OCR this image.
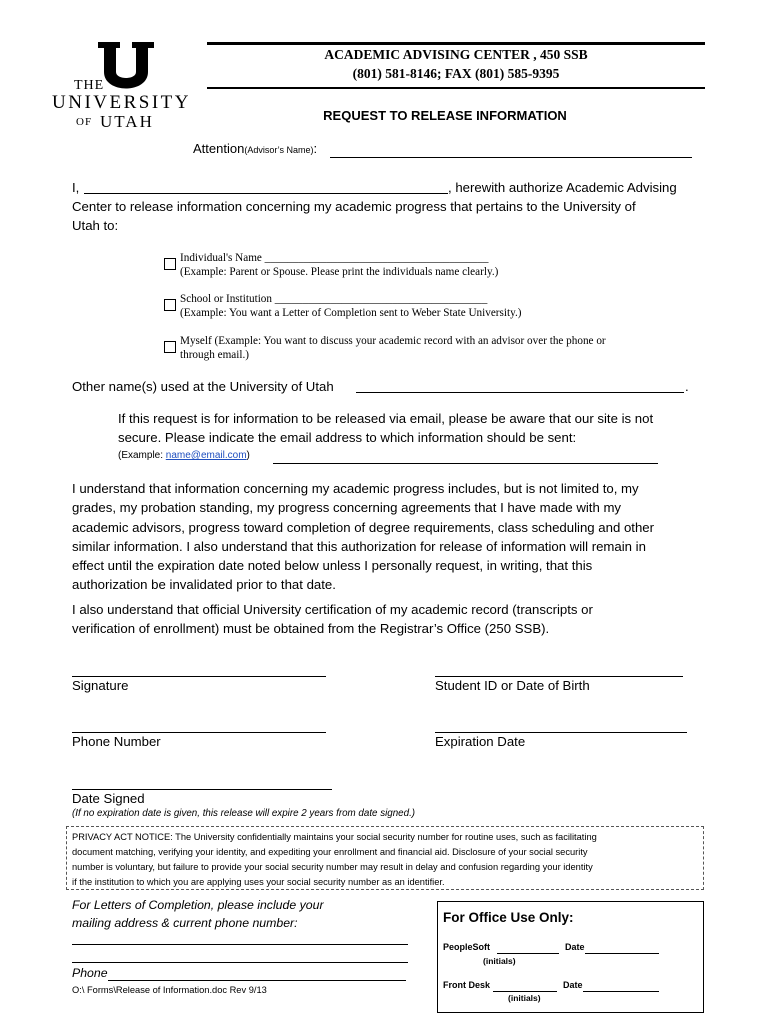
THE
UNIVERSITY
OF UTAH
ACADEMIC ADVISING CENTER , 450 SSB
(801) 581-8146; FAX (801) 585-9395
REQUEST TO RELEASE INFORMATION
Attention(Advisor’s Name):
I,	, herewith authorize Academic Advising
Center to release information concerning my academic progress that pertains to the University of
Utah to:
Individual's Name ________________________________________
(Example: Parent or Spouse. Please print the individuals name clearly.)
School or Institution ______________________________________
(Example: You want a Letter of Completion sent to Weber State University.)
Myself (Example: You want to discuss your academic record with an advisor over the phone or
through email.)
Other name(s) used at the University of Utah	.
If this request is for information to be released via email, please be aware that our site is not
secure. Please indicate the email address to which information should be sent:
(Example: name@email.com)
I understand that information concerning my academic progress includes, but is not limited to, my
grades, my probation standing, my progress concerning agreements that I have made with my
academic advisors, progress toward completion of degree requirements, class scheduling and other
similar information. I also understand that this authorization for release of information will remain in
effect until the expiration date noted below unless I personally request, in writing, that this
authorization be invalidated prior to that date.
I also understand that official University certification of my academic record (transcripts or
verification of enrollment) must be obtained from the Registrar’s Office (250 SSB).
Signature	Student ID or Date of Birth
Phone Number	Expiration Date
Date Signed
(If no expiration date is given, this release will expire 2 years from date signed.)
PRIVACY ACT NOTICE: The University confidentially maintains your social security number for routine uses, such as facilitating
document matching, verifying your identity, and expediting your enrollment and financial aid. Disclosure of your social security
number is voluntary, but failure to provide your social security number may result in delay and confusion regarding your identity
if the institution to which you are applying uses your social security number as an identifier.
For Letters of Completion, please include your
mailing address & current phone number:
Phone
O:\ Forms\Release of Information.doc Rev 9/13
For Office Use Only:
PeopleSoft	Date
(initials)
Front Desk	Date
(initials)
